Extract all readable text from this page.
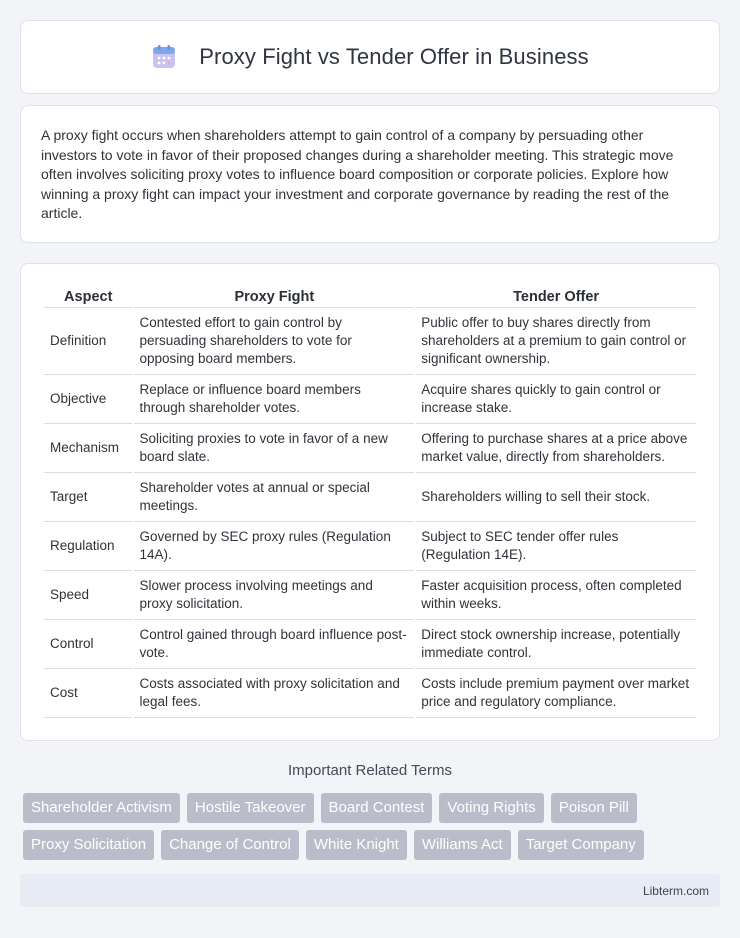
Proxy Fight vs Tender Offer in Business

A proxy fight occurs when shareholders attempt to gain control of a company by persuading other investors to vote in favor of their proposed changes during a shareholder meeting. This strategic move often involves soliciting proxy votes to influence board composition or corporate policies. Explore how winning a proxy fight can impact your investment and corporate governance by reading the rest of the article.

Aspect	Proxy Fight	Tender Offer
Definition	Contested effort to gain control by persuading shareholders to vote for opposing board members.	Public offer to buy shares directly from shareholders at a premium to gain control or significant ownership.
Objective	Replace or influence board members through shareholder votes.	Acquire shares quickly to gain control or increase stake.
Mechanism	Soliciting proxies to vote in favor of a new board slate.	Offering to purchase shares at a price above market value, directly from shareholders.
Target	Shareholder votes at annual or special meetings.	Shareholders willing to sell their stock.
Regulation	Governed by SEC proxy rules (Regulation 14A).	Subject to SEC tender offer rules (Regulation 14E).
Speed	Slower process involving meetings and proxy solicitation.	Faster acquisition process, often completed within weeks.
Control	Control gained through board influence post-vote.	Direct stock ownership increase, potentially immediate control.
Cost	Costs associated with proxy solicitation and legal fees.	Costs include premium payment over market price and regulatory compliance.
Important Related Terms
Shareholder Activism	Hostile Takeover	Board Contest	Voting Rights	Poison Pill
Proxy Solicitation	Change of Control	White Knight	Williams Act	Target Company
Libterm.com
